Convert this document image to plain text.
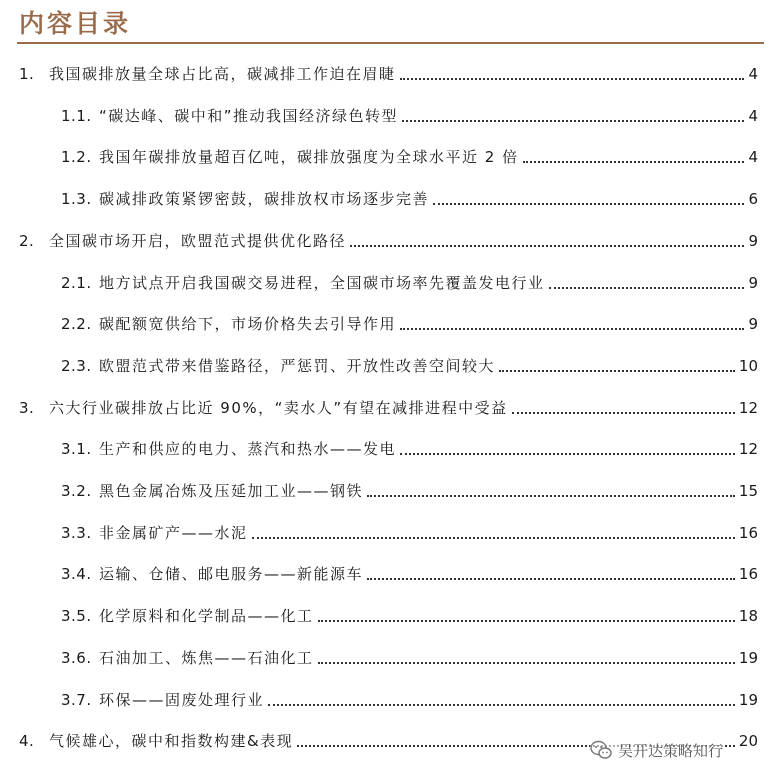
内容目录
1. 我国碳排放量全球占比高，碳减排工作迫在眉睫	4
1.1. “碳达峰、碳中和”推动我国经济绿色转型	4
1.2. 我国年碳排放量超百亿吨，碳排放强度为全球水平近 2 倍	4
1.3. 碳减排政策紧锣密鼓，碳排放权市场逐步完善	6
2. 全国碳市场开启，欧盟范式提供优化路径	9
2.1. 地方试点开启我国碳交易进程，全国碳市场率先覆盖发电行业	9
2.2. 碳配额宽供给下，市场价格失去引导作用	9
2.3. 欧盟范式带来借鉴路径，严惩罚、开放性改善空间较大	10
3. 六大行业碳排放占比近 90%，“卖水人”有望在减排进程中受益	12
3.1. 生产和供应的电力、蒸汽和热水——发电	12
3.2. 黑色金属冶炼及压延加工业——钢铁	15
3.3. 非金属矿产——水泥	16
3.4. 运输、仓储、邮电服务——新能源车	16
3.5. 化学原料和化学制品——化工	18
3.6. 石油加工、炼焦——石油化工	19
3.7. 环保——固废处理行业	19
4. 气候雄心，碳中和指数构建&表现	20
吴开达策略知行
